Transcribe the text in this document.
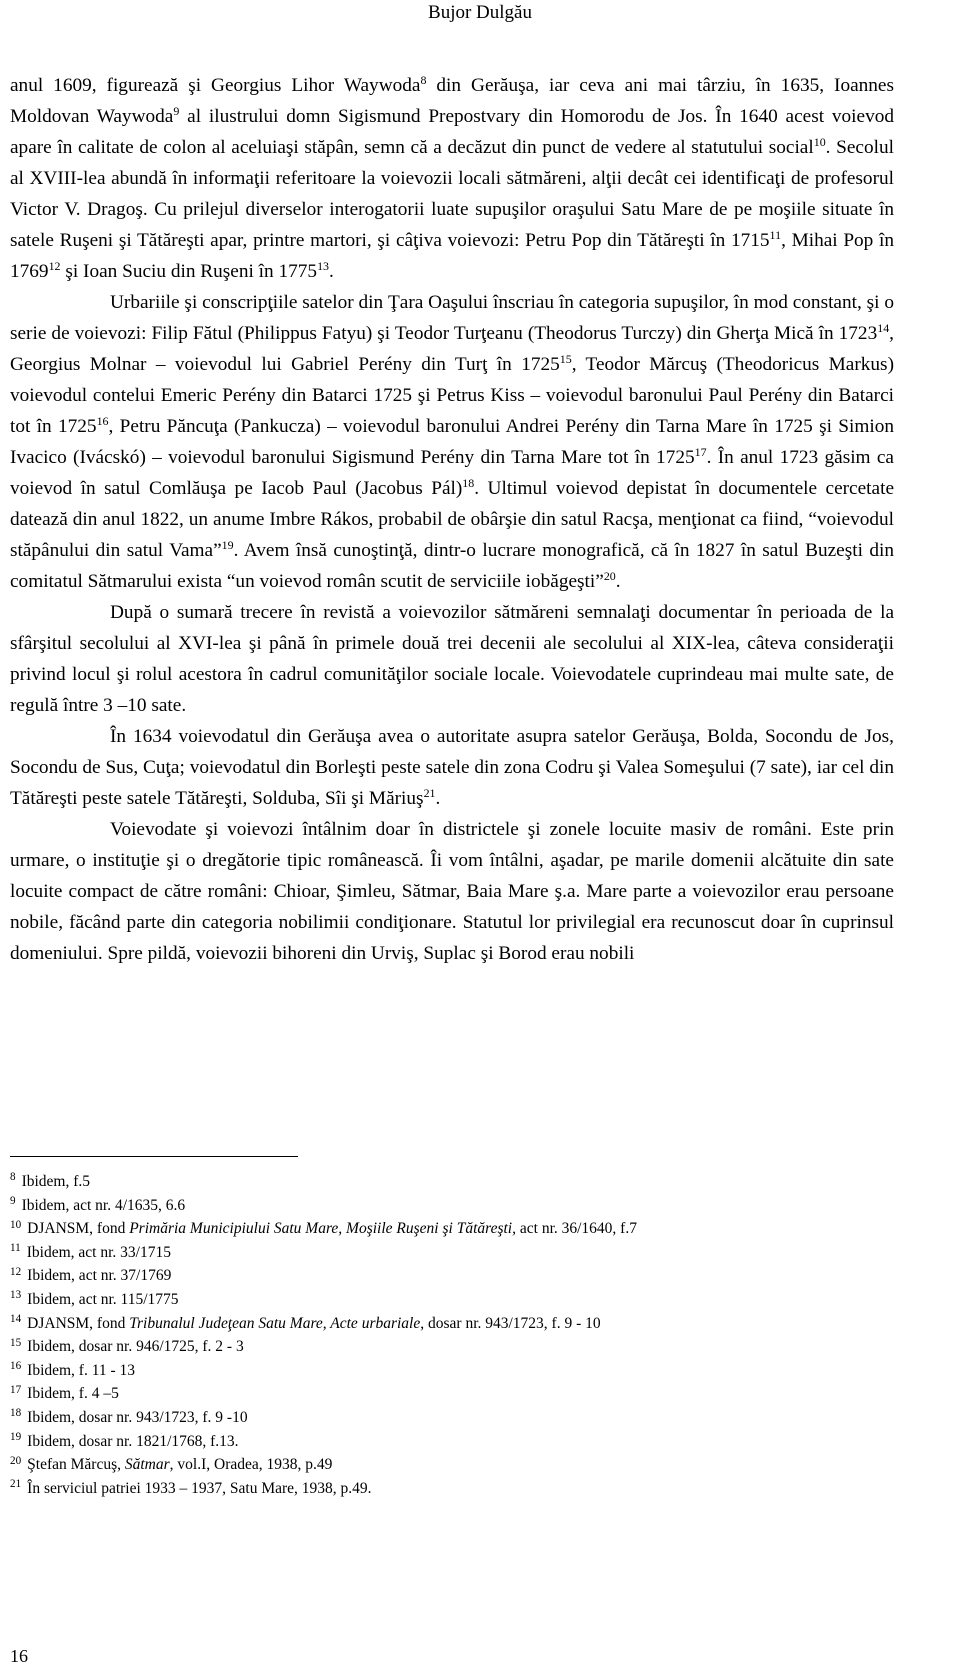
Bujor Dulgău

anul 1609, figurează şi Georgius Lihor Waywoda$^8$ din Gerăuşa, iar ceva ani mai târziu, în 1635, Ioannes Moldovan Waywoda$^9$ al ilustrului domn Sigismund Prepostvary din Homorodu de Jos. În 1640 acest voievod apare în calitate de colon al aceluiaşi stăpân, semn că a decăzut din punct de vedere al statutului social$^{10}$. Secolul al XVIII-lea abundă în informaţii referitoare la voievozii locali sătmăreni, alţii decât cei identificaţi de profesorul Victor V. Dragoş. Cu prilejul diverselor interogatorii luate supuşilor oraşului Satu Mare de pe moşiile situate în satele Ruşeni şi Tătăreşti apar, printre martori, şi câţiva voievozi: Petru Pop din Tătăreşti în 1715$^{11}$, Mihai Pop în 1769$^{12}$ şi Ioan Suciu din Ruşeni în 1775$^{13}$.

Urbariile şi conscripţiile satelor din Ţara Oaşului înscriau în categoria supuşilor, în mod constant, şi o serie de voievozi: Filip Fătul (Philippus Fatyu) şi Teodor Turţeanu (Theodorus Turczy) din Gherţa Mică în 1723$^{14}$, Georgius Molnar – voievodul lui Gabriel Perény din Turţ în 1725$^{15}$, Teodor Mărcuş (Theodoricus Markus) voievodul contelui Emeric Perény din Batarci 1725 şi Petrus Kiss – voievodul baronului Paul Perény din Batarci tot în 1725$^{16}$, Petru Păncuţa (Pankucza) – voievodul baronului Andrei Perény din Tarna Mare în 1725 şi Simion Ivacico (Ivácskó) – voievodul baronului Sigismund Perény din Tarna Mare tot în 1725$^{17}$. În anul 1723 găsim ca voievod în satul Comlăuşa pe Iacob Paul (Jacobus Pál)$^{18}$. Ultimul voievod depistat în documentele cercetate datează din anul 1822, un anume Imbre Rákos, probabil de obârşie din satul Racşa, menţionat ca fiind, “voievodul stăpânului din satul Vama”$^{19}$. Avem însă cunoştinţă, dintr-o lucrare monografică, că în 1827 în satul Buzeşti din comitatul Sătmarului exista “un voievod român scutit de serviciile iobăgeşti”$^{20}$.

După o sumară trecere în revistă a voievozilor sătmăreni semnalaţi documentar în perioada de la sfârşitul secolului al XVI-lea şi până în primele două trei decenii ale secolului al XIX-lea, câteva consideraţii privind locul şi rolul acestora în cadrul comunităţilor sociale locale. Voievodatele cuprindeau mai multe sate, de regulă între 3 –10 sate.

În 1634 voievodatul din Gerăuşa avea o autoritate asupra satelor Gerăuşa, Bolda, Socondu de Jos, Socondu de Sus, Cuţa; voievodatul din Borleşti peste satele din zona Codru şi Valea Someşului (7 sate), iar cel din Tătăreşti peste satele Tătăreşti, Solduba, Sîi şi Măriuş$^{21}$.

Voievodate şi voievozi întâlnim doar în districtele şi zonele locuite masiv de români. Este prin urmare, o instituţie şi o dregătorie tipic românească. Îi vom întâlni, aşadar, pe marile domenii alcătuite din sate locuite compact de către români: Chioar, Şimleu, Sătmar, Baia Mare ş.a. Mare parte a voievozilor erau persoane nobile, făcând parte din categoria nobilimii condiţionare. Statutul lor privilegial era recunoscut doar în cuprinsul domeniului. Spre pildă, voievozii bihoreni din Urviş, Suplac şi Borod erau nobili

$^8$ Ibidem, f.5
$^9$ Ibidem, act nr. 4/1635, 6.6
$^{10}$ DJANSM, fond Primăria Municipiului Satu Mare, Moşiile Ruşeni şi Tătăreşti, act nr. 36/1640, f.7
$^{11}$ Ibidem, act nr. 33/1715
$^{12}$ Ibidem, act nr. 37/1769
$^{13}$ Ibidem, act nr. 115/1775
$^{14}$ DJANSM, fond Tribunalul Judeţean Satu Mare, Acte urbariale, dosar nr. 943/1723, f. 9 - 10
$^{15}$ Ibidem, dosar nr. 946/1725, f. 2 - 3
$^{16}$ Ibidem, f. 11 - 13
$^{17}$ Ibidem, f. 4 –5
$^{18}$ Ibidem, dosar nr. 943/1723, f. 9 -10
$^{19}$ Ibidem, dosar nr. 1821/1768, f.13.
$^{20}$ Ştefan Mărcuş, Sătmar, vol.I, Oradea, 1938, p.49
$^{21}$ În serviciul patriei 1933 – 1937, Satu Mare, 1938, p.49.
16
